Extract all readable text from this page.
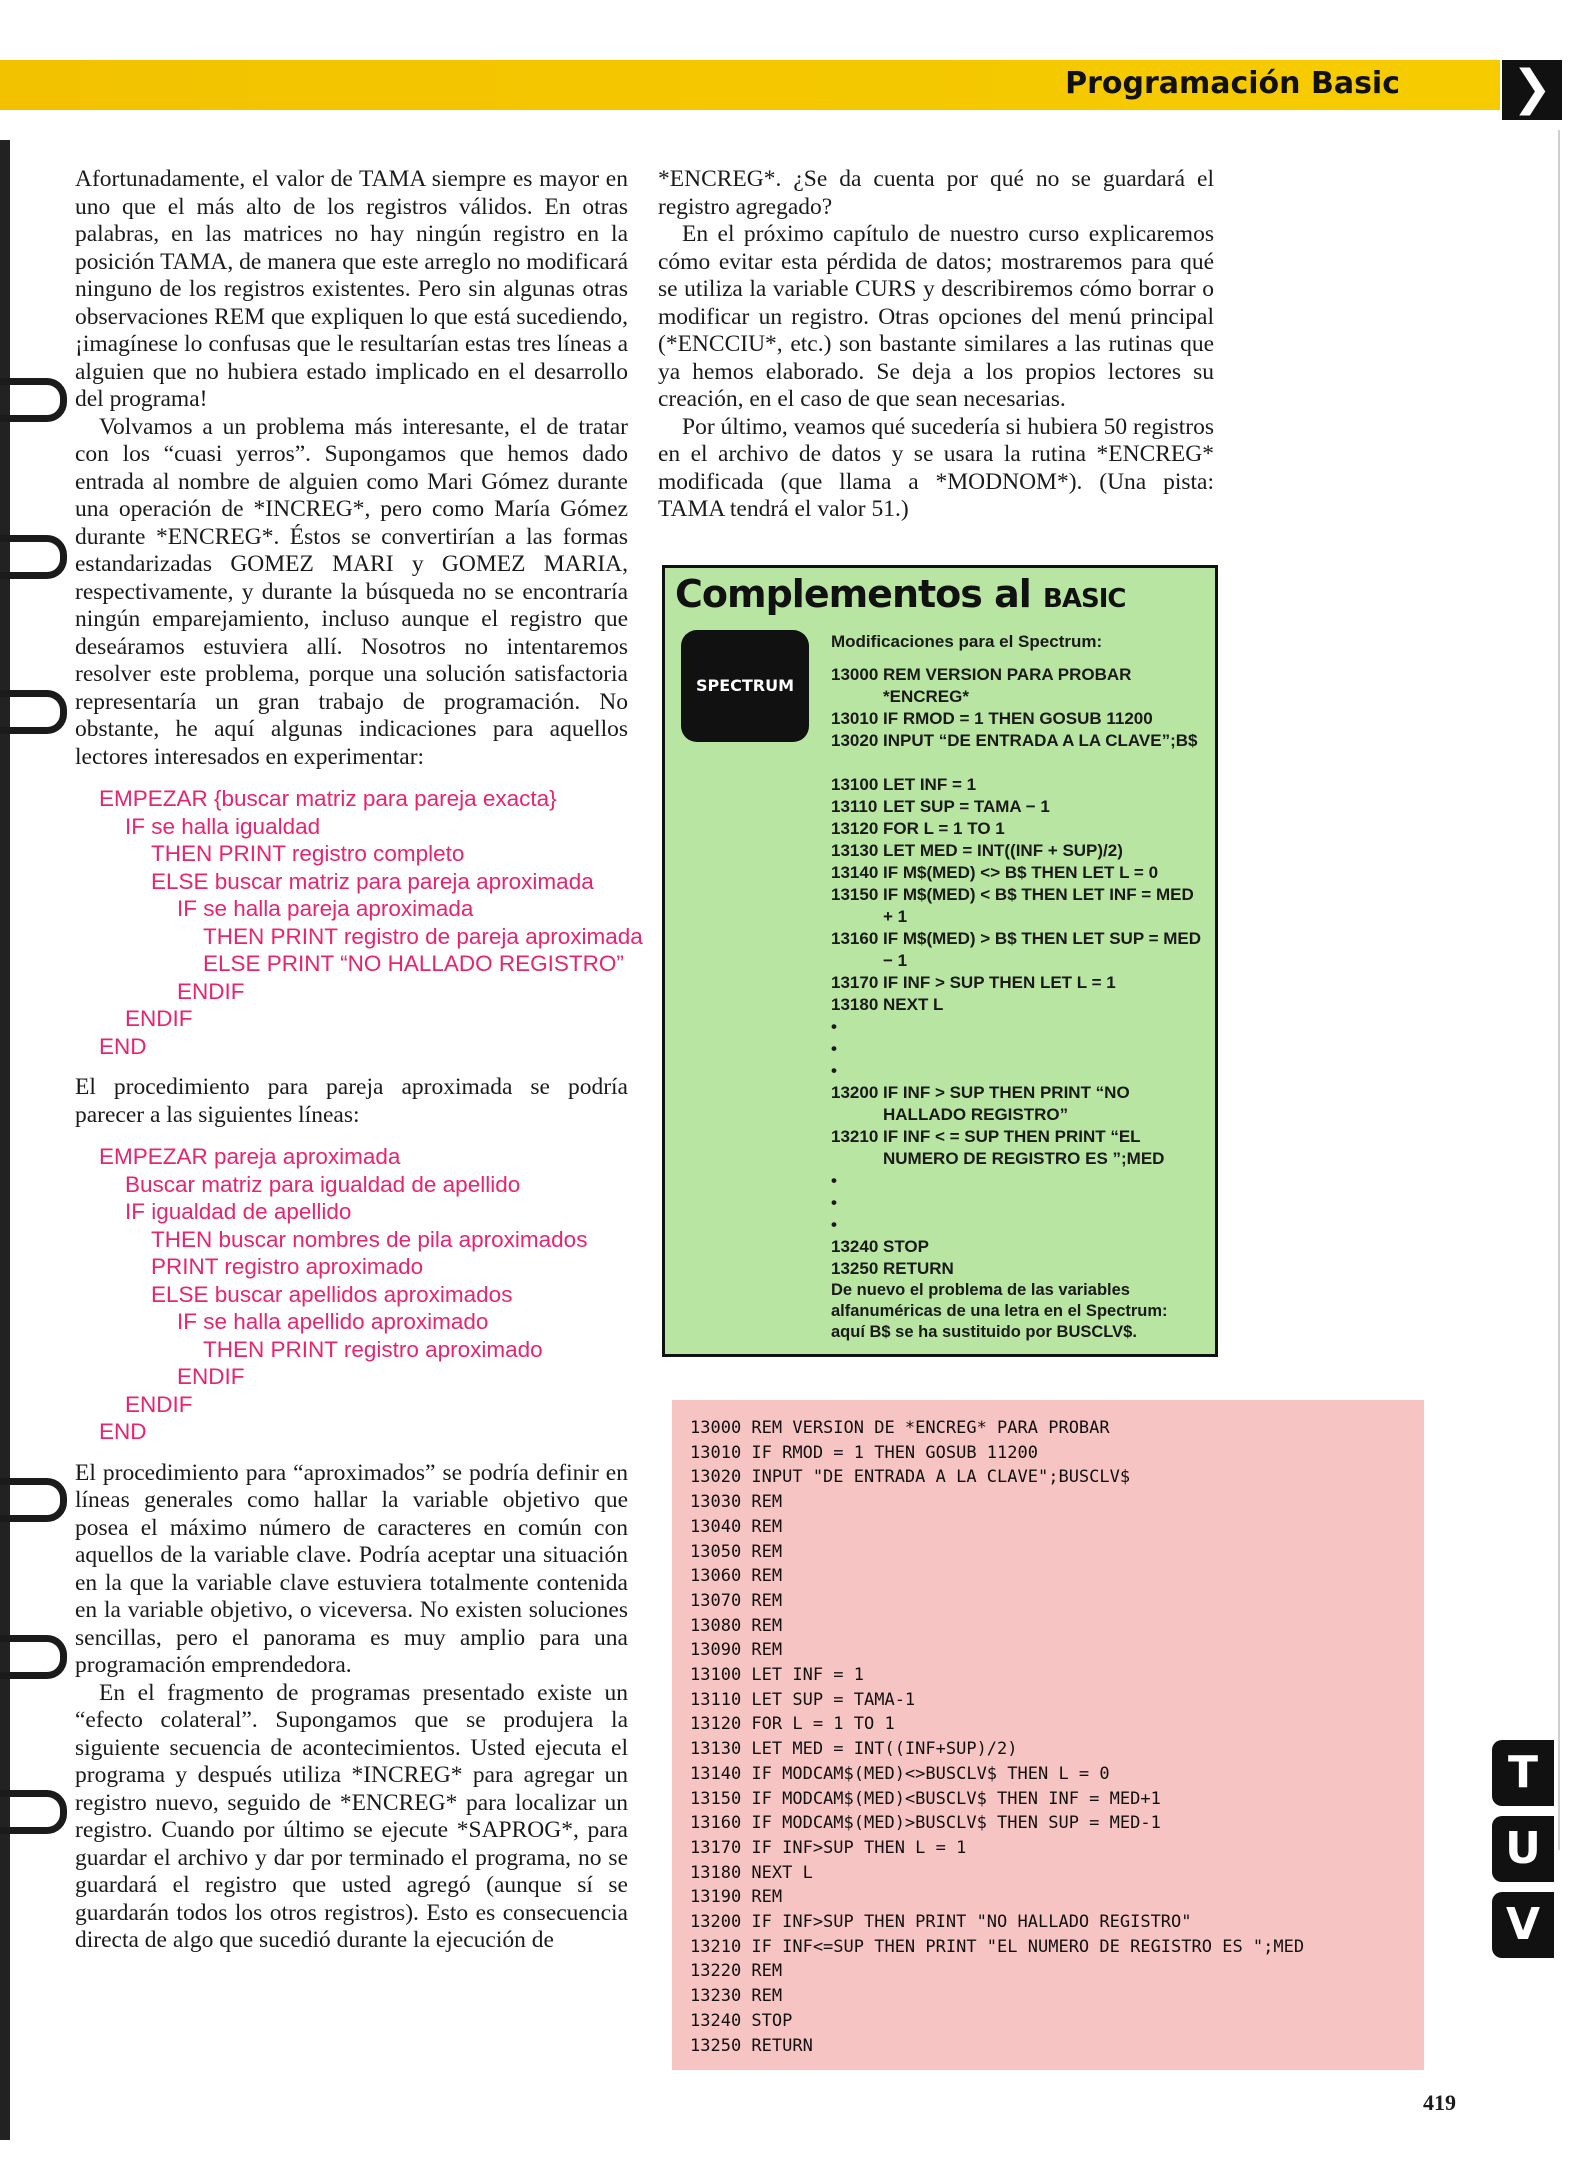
Programación Basic ❯

Afortunadamente, el valor de TAMA siempre es mayor en uno que el más alto de los registros válidos. En otras palabras, en las matrices no hay ningún registro en la posición TAMA, de manera que este arreglo no modificará ninguno de los registros existentes. Pero sin algunas otras observaciones REM que expliquen lo que está sucediendo, ¡imagínese lo confusas que le resultarían estas tres líneas a alguien que no hubiera estado implicado en el desarrollo del programa!

Volvamos a un problema más interesante, el de tratar con los “cuasi yerros”. Supongamos que hemos dado entrada al nombre de alguien como Mari Gómez durante una operación de *INCREG*, pero como María Gómez durante *ENCREG*. Éstos se convertirían a las formas estandarizadas GOMEZ MARI y GOMEZ MARIA, respectivamente, y durante la búsqueda no se encontraría ningún emparejamiento, incluso aunque el registro que deseáramos estuviera allí. Nosotros no intentaremos resolver este problema, porque una solución satisfactoria representaría un gran trabajo de programación. No obstante, he aquí algunas indicaciones para aquellos lectores interesados en experimentar:

EMPEZAR {buscar matriz para pareja exacta}
IF se halla igualdad
THEN PRINT registro completo
ELSE buscar matriz para pareja aproximada
IF se halla pareja aproximada
THEN PRINT registro de pareja aproximada
ELSE PRINT “NO HALLADO REGISTRO”
ENDIF
ENDIF
END

El procedimiento para pareja aproximada se podría parecer a las siguientes líneas:

EMPEZAR pareja aproximada
Buscar matriz para igualdad de apellido
IF igualdad de apellido
THEN buscar nombres de pila aproximados
PRINT registro aproximado
ELSE buscar apellidos aproximados
IF se halla apellido aproximado
THEN PRINT registro aproximado
ENDIF
ENDIF
END

El procedimiento para “aproximados” se podría definir en líneas generales como hallar la variable objetivo que posea el máximo número de caracteres en común con aquellos de la variable clave. Podría aceptar una situación en la que la variable clave estuviera totalmente contenida en la variable objetivo, o viceversa. No existen soluciones sencillas, pero el panorama es muy amplio para una programación emprendedora.

En el fragmento de programas presentado existe un “efecto colateral”. Supongamos que se produjera la siguiente secuencia de acontecimientos. Usted ejecuta el programa y después utiliza *INCREG* para agregar un registro nuevo, seguido de *ENCREG* para localizar un registro. Cuando por último se ejecute *SAPROG*, para guardar el archivo y dar por terminado el programa, no se guardará el registro que usted agregó (aunque sí se guardarán todos los otros registros). Esto es consecuencia directa de algo que sucedió durante la ejecución de

*ENCREG*. ¿Se da cuenta por qué no se guardará el registro agregado?

En el próximo capítulo de nuestro curso explicaremos cómo evitar esta pérdida de datos; mostraremos para qué se utiliza la variable CURS y describiremos cómo borrar o modificar un registro. Otras opciones del menú principal (*ENCCIU*, etc.) son bastante similares a las rutinas que ya hemos elaborado. Se deja a los propios lectores su creación, en el caso de que sean necesarias.

Por último, veamos qué sucedería si hubiera 50 registros en el archivo de datos y se usara la rutina *ENCREG* modificada (que llama a *MODNOM*). (Una pista: TAMA tendrá el valor 51.)

Complementos al BASIC
SPECTRUM
Modificaciones para el Spectrum:
13000 REM VERSION PARA PROBAR *ENCREG*
13010 IF RMOD = 1 THEN GOSUB 11200
13020 INPUT “DE ENTRADA A LA CLAVE”;B$
13100 LET INF = 1
13110 LET SUP = TAMA − 1
13120 FOR L = 1 TO 1
13130 LET MED = INT((INF + SUP)/2)
13140 IF M$(MED) <> B$ THEN LET L = 0
13150 IF M$(MED) < B$ THEN LET INF = MED + 1
13160 IF M$(MED) > B$ THEN LET SUP = MED − 1
13170 IF INF > SUP THEN LET L = 1
13180 NEXT L
•
•
•
13200 IF INF > SUP THEN PRINT “NO HALLADO REGISTRO”
13210 IF INF < = SUP THEN PRINT “EL NUMERO DE REGISTRO ES ”;MED
•
•
•
13240 STOP
13250 RETURN
De nuevo el problema de las variables alfanuméricas de una letra en el Spectrum: aquí B$ se ha sustituido por BUSCLV$.
13000 REM VERSION DE *ENCREG* PARA PROBAR
13010 IF RMOD = 1 THEN GOSUB 11200
13020 INPUT "DE ENTRADA A LA CLAVE";BUSCLV$
13030 REM
13040 REM
13050 REM
13060 REM
13070 REM
13080 REM
13090 REM
13100 LET INF = 1
13110 LET SUP = TAMA-1
13120 FOR L = 1 TO 1
13130 LET MED = INT((INF+SUP)/2)
13140 IF MODCAM$(MED)<>BUSCLV$ THEN L = 0
13150 IF MODCAM$(MED)<BUSCLV$ THEN INF = MED+1
13160 IF MODCAM$(MED)>BUSCLV$ THEN SUP = MED-1
13170 IF INF>SUP THEN L = 1
13180 NEXT L
13190 REM
13200 IF INF>SUP THEN PRINT "NO HALLADO REGISTRO"
13210 IF INF<=SUP THEN PRINT "EL NUMERO DE REGISTRO ES ";MED
13220 REM
13230 REM
13240 STOP
13250 RETURN
T
U
V
419
